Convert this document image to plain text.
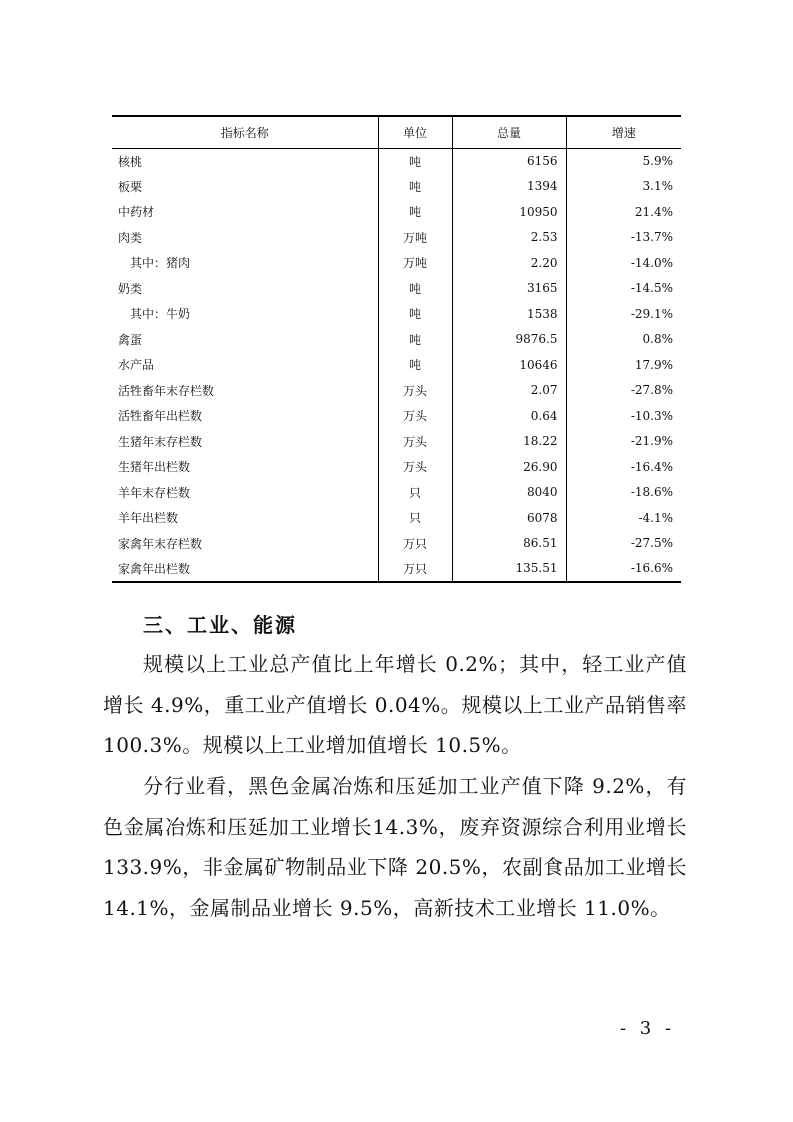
指标名称	单位	总量	增速
核桃	吨	6156	5.9%
板栗	吨	1394	3.1%
中药材	吨	10950	21.4%
肉类	万吨	2.53	-13.7%
其中：猪肉	万吨	2.20	-14.0%
奶类	吨	3165	-14.5%
其中：牛奶	吨	1538	-29.1%
禽蛋	吨	9876.5	0.8%
水产品	吨	10646	17.9%
活牲畜年末存栏数	万头	2.07	-27.8%
活牲畜年出栏数	万头	0.64	-10.3%
生猪年末存栏数	万头	18.22	-21.9%
生猪年出栏数	万头	26.90	-16.4%
羊年末存栏数	只	8040	-18.6%
羊年出栏数	只	6078	-4.1%
家禽年末存栏数	万只	86.51	-27.5%
家禽年出栏数	万只	135.51	-16.6%
三、工业、能源

规模以上工业总产值比上年增长 0.2%；其中，轻工业产值增长 4.9%，重工业产值增长 0.04%。规模以上工业产品销售率 100.3%。规模以上工业增加值增长 10.5%。

分行业看，黑色金属冶炼和压延加工业产值下降 9.2%，有色金属冶炼和压延加工业增长14.3%，废弃资源综合利用业增长133.9%，非金属矿物制品业下降 20.5%，农副食品加工业增长14.1%，金属制品业增长 9.5%，高新技术工业增长 11.0%。

- 3 -
